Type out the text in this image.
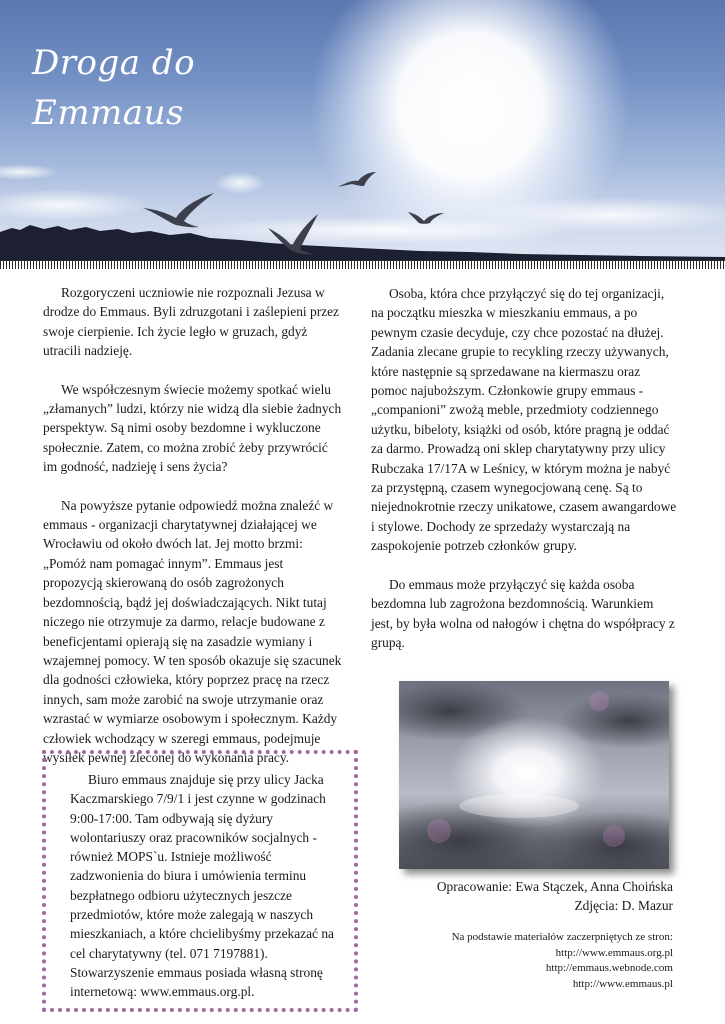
Droga do
Emmaus

Rozgoryczeni uczniowie nie rozpoznali Jezusa w drodze do Emmaus. Byli zdruzgotani i zaślepieni przez swoje cierpienie. Ich życie legło w gruzach, gdyż utracili nadzieję.

We współczesnym świecie możemy spotkać wielu „złamanych” ludzi, którzy nie widzą dla siebie żadnych perspektyw. Są nimi osoby bezdomne i wykluczone społecznie. Zatem, co można zrobić żeby przywrócić im godność, nadzieję i sens życia?

Na powyższe pytanie odpowiedź można znaleźć w emmaus - organizacji charytatywnej działającej we Wrocławiu od około dwóch lat. Jej motto brzmi: „Pomóż nam pomagać innym”. Emmaus jest propozycją skierowaną do osób zagrożonych bezdomnością, bądź jej doświadczających. Nikt tutaj niczego nie otrzymuje za darmo, relacje budowane z beneficjentami opierają się na zasadzie wymiany i wzajemnej pomocy. W ten sposób okazuje się szacunek dla godności człowieka, który poprzez pracę na rzecz innych, sam może zarobić na swoje utrzymanie oraz wzrastać w wymiarze osobowym i społecznym. Każdy człowiek wchodzący w szeregi emmaus, podejmuje wysiłek pewnej zleconej do wykonania pracy.

Osoba, która chce przyłączyć się do tej organizacji, na początku mieszka w mieszkaniu emmaus, a po pewnym czasie decyduje, czy chce pozostać na dłużej. Zadania zlecane grupie to recykling rzeczy używanych, które następnie są sprzedawane na kiermaszu oraz pomoc najuboższym. Członkowie grupy emmaus - „companioni” zwożą meble, przedmioty codziennego użytku, bibeloty, książki od osób, które pragną je oddać za darmo. Prowadzą oni sklep charytatywny przy ulicy Rubczaka 17/17A w Leśnicy, w którym można je nabyć za przystępną, czasem wynegocjowaną cenę. Są to niejednokrotnie rzeczy unikatowe, czasem awangardowe i stylowe. Dochody ze sprzedaży wystarczają na zaspokojenie potrzeb członków grupy.

Do emmaus może przyłączyć się każda osoba bezdomna lub zagrożona bezdomnością. Warunkiem jest, by była wolna od nałogów i chętna do współpracy z grupą.

Biuro emmaus znajduje się przy ulicy Jacka Kaczmarskiego 7/9/1 i jest czynne w godzinach 9:00-17:00. Tam odbywają się dyżury wolontariuszy oraz pracowników socjalnych - również MOPS`u. Istnieje możliwość zadzwonienia do biura i umówienia terminu bezpłatnego odbioru użytecznych jeszcze przedmiotów, które może zalegają w naszych mieszkaniach, a które chcielibyśmy przekazać na cel charytatywny (tel. 071 7197881). Stowarzyszenie emmaus posiada własną stronę internetową: www.emmaus.org.pl.

Opracowanie: Ewa Stączek, Anna Choińska
Zdjęcia: D. Mazur
Na podstawie materiałów zaczerpniętych ze stron:
http://www.emmaus.org.pl
http://emmaus.webnode.com
http://www.emmaus.pl
